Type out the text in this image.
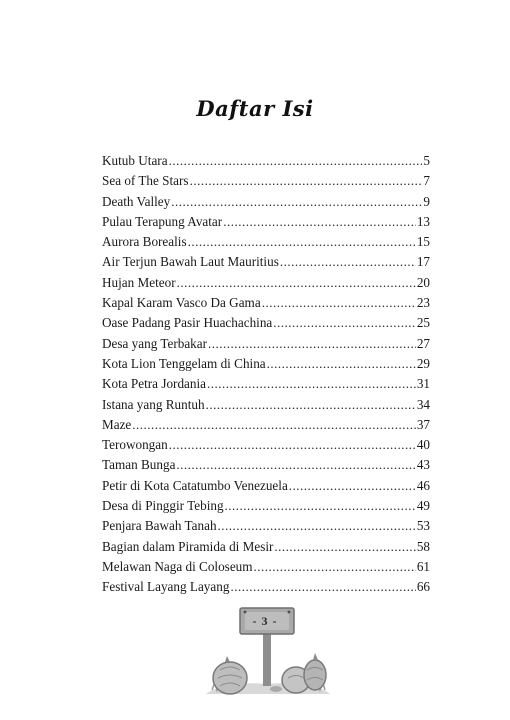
Daftar Isi
Kutub Utara .....	5
Sea of The Stars .....	7
Death Valley .....	9
Pulau Terapung Avatar .....	13
Aurora Borealis .....	15
Air Terjun Bawah Laut Mauritius .....	17
Hujan Meteor .....	20
Kapal Karam Vasco Da Gama .....	23
Oase Padang Pasir Huachachina .....	25
Desa yang Terbakar .....	27
Kota Lion Tenggelam di China .....	29
Kota Petra Jordania .....	31
Istana yang Runtuh .....	34
Maze .....	37
Terowongan .....	40
Taman Bunga .....	43
Petir di Kota Catatumbo Venezuela .....	46
Desa di Pinggir Tebing .....	49
Penjara Bawah Tanah .....	53
Bagian dalam Piramida di Mesir .....	58
Melawan Naga di Coloseum .....	61
Festival Layang Layang .....	66
- 3 -
